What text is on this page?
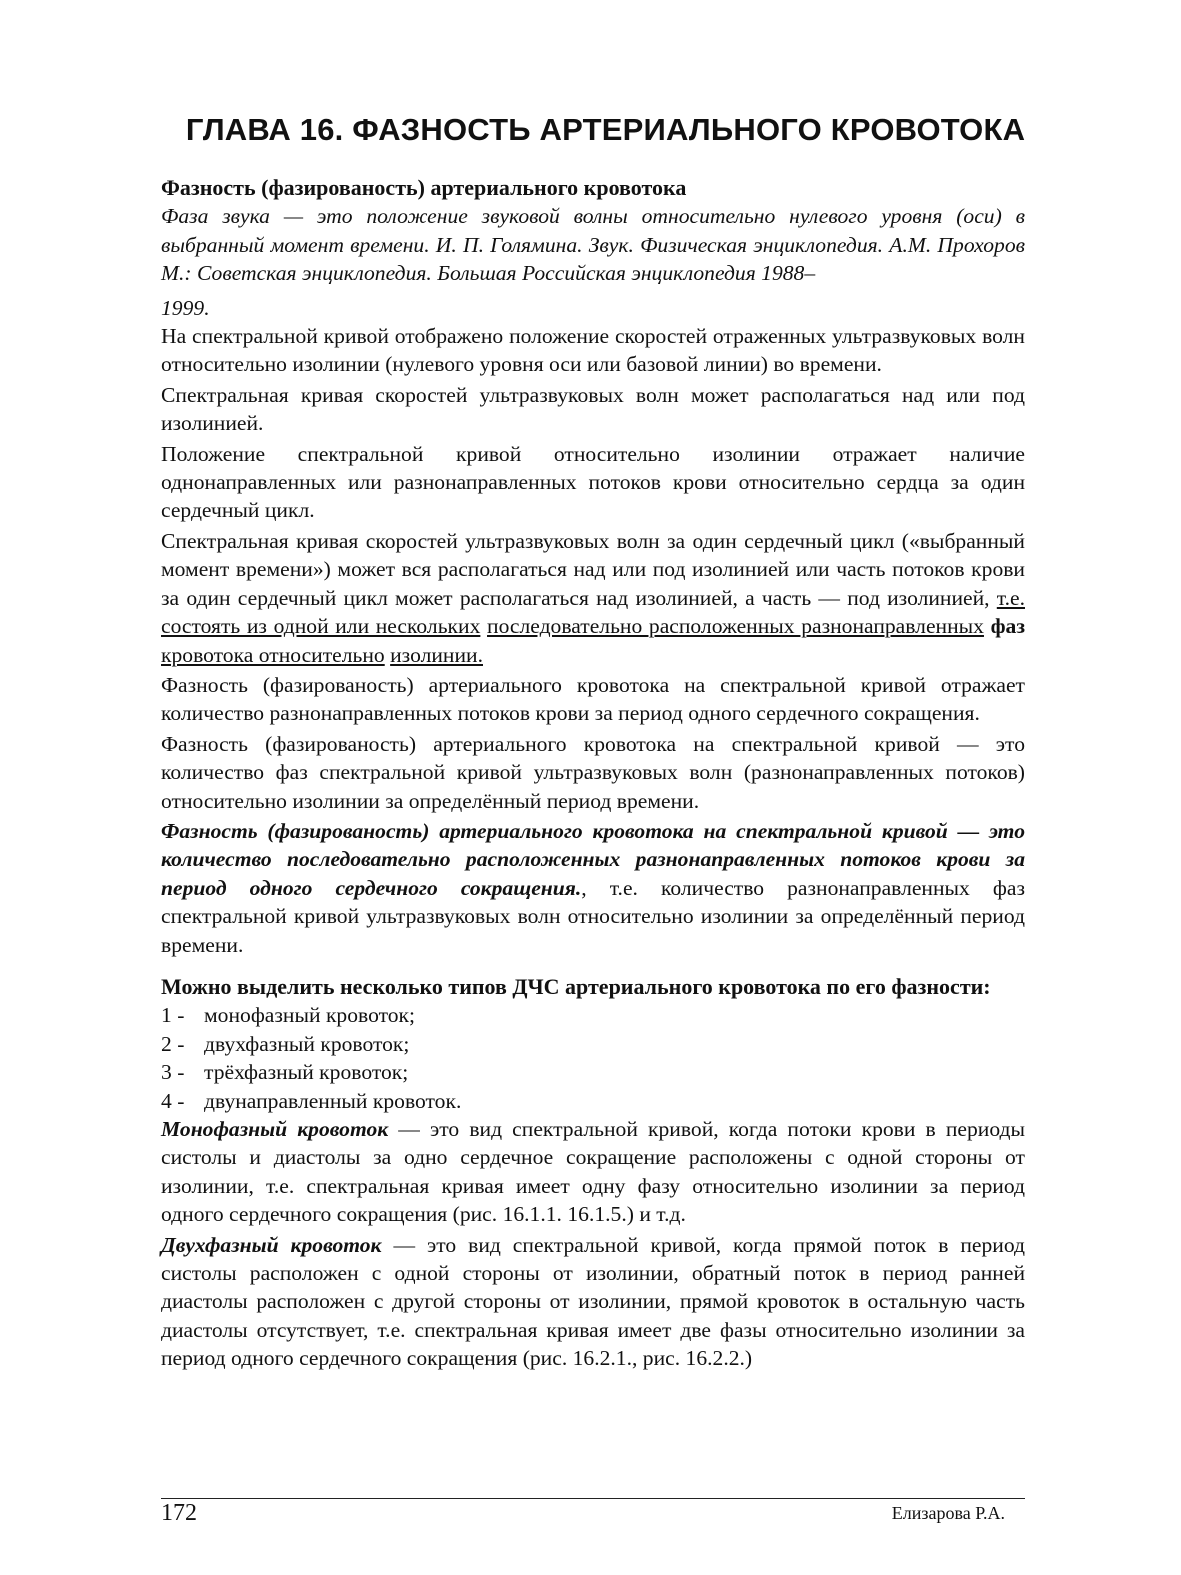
ГЛАВА 16. ФАЗНОСТЬ АРТЕРИАЛЬНОГО КРОВОТОКА
Фазность (фазированость) артериального кровотока

Фаза звука — это положение звуковой волны относительно нулевого уровня (оси) в выбранный момент времени. И. П. Голямина. Звук. Физическая энциклопедия. А.М. Прохоров М.: Советская энциклопедия. Большая Российская энциклопедия 1988–

1999.

На спектральной кривой отображено положение скоростей отраженных ультразвуковых волн относительно изолинии (нулевого уровня оси или базовой линии) во времени.

Спектральная кривая скоростей ультразвуковых волн может располагаться над или под изолинией.

Положение спектральной кривой относительно изолинии отражает наличие однонаправленных или разнонаправленных потоков крови относительно сердца за один сердечный цикл.

Спектральная кривая скоростей ультразвуковых волн за один сердечный цикл («выбранный момент времени») может вся располагаться над или под изолинией или часть потоков крови за один сердечный цикл может располагаться над изолинией, а часть — под изолинией, т.е. состоять из одной или нескольких последовательно расположенных разнонаправленных фаз кровотока относительно изолинии.

Фазность (фазированость) артериального кровотока на спектральной кривой отражает количество разнонаправленных потоков крови за период одного сердечного сокращения.

Фазность (фазированость) артериального кровотока на спектральной кривой — это количество фаз спектральной кривой ультразвуковых волн (разнонаправленных потоков) относительно изолинии за определённый период времени.

Фазность (фазированость) артериального кровотока на спектральной кривой — это количество последовательно расположенных разнонаправленных потоков крови за период одного сердечного сокращения., т.е. количество разнонаправленных фаз спектральной кривой ультразвуковых волн относительно изолинии за определённый период времени.

Можно выделить несколько типов ДЧС артериального кровотока по его фазности:

1 - монофазный кровоток;
2 - двухфазный кровоток;
3 - трёхфазный кровоток;
4 - двунаправленный кровоток.

Монофазный кровоток — это вид спектральной кривой, когда потоки крови в периоды систолы и диастолы за одно сердечное сокращение расположены с одной стороны от изолинии, т.е. спектральная кривая имеет одну фазу относительно изолинии за период одного сердечного сокращения (рис. 16.1.1. 16.1.5.) и т.д.

Двухфазный кровоток — это вид спектральной кривой, когда прямой поток в период систолы расположен с одной стороны от изолинии, обратный поток в период ранней диастолы расположен с другой стороны от изолинии, прямой кровоток в остальную часть диастолы отсутствует, т.е. спектральная кривая имеет две фазы относительно изолинии за период одного сердечного сокращения (рис. 16.2.1., рис. 16.2.2.)

172	Елизарова Р.А.
